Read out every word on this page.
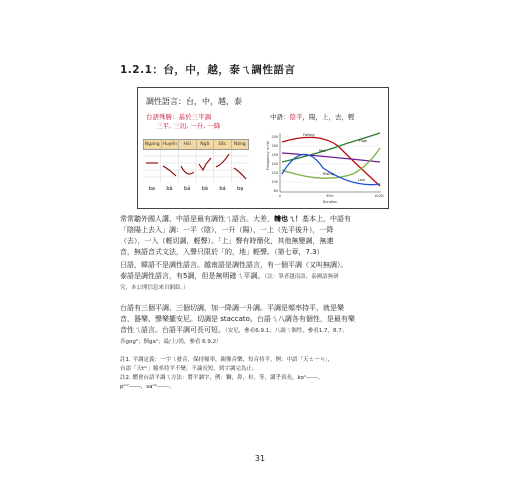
1.2.1：台，中，越，泰ㄟ調性語言
調性語言：台，中，越，泰
台語殊勝：基於三平調
三平, 三切, 一升, 一降
中語：陰平，陽，上，去，輕
Ngang Huyền	Hỏi	Ngã	Sắc	Nặng
ba	bà	bả	bã	bá	bạ
Frequency in Hz
200
180
160
140
120
100
80
0	50%	100%
Duration
Falling
High
Mid
Rising
Low
常常聽外國人講，中語是最有調性ㄟ語言。大差，𣍐也ㄟ！基本上，中語有
「陰陽上去入」調：一平（陰），一升（陽），一上（先平後升），一降
（去），一入（輕切調，輕聲）。「上」聲有時簡化，其他無變調，無連
音，無語音式文法，入聲只限於「的，地」輕聲。（第七章，7.3）
日語，韓語不是調性語言。越南語是調性語言，有一個平調（又叫無調）。
泰語是調性語言，有5調，但是無明確ㄟ平調。（註：筆者越南語、泰國語無研
究，本公開信息來自網絡。）
台語有三個平調、三個切調，加一降調一升調。平調是頻率持平，就是樂
音，器樂、聲樂攏安尼。切調是 staccato。台語ㄟ八調各有個性，是最有樂
音性ㄟ語言。台語平調可長可短。（安尼，參看6.9.1；八調ㄟ個性，參看1.7，8.7；
各gog²；個ga²；最/上/尚，參看 6.9.2）
註1. 平調定義：一字ㄟ發音，保持頻率，親像音樂，每音持平。例：中語「天ㄊ一ㄢ」，
台語「天tⁱⁿ」頻率持平不變，不論長短，到字調完為止。
註2. 體會台語平調ㄟ方法：將平調字，例：獅，鼻，衫，等，講乎真長，ko¹------，
pⁱⁿ⁷------，saⁿ¹------。
31
